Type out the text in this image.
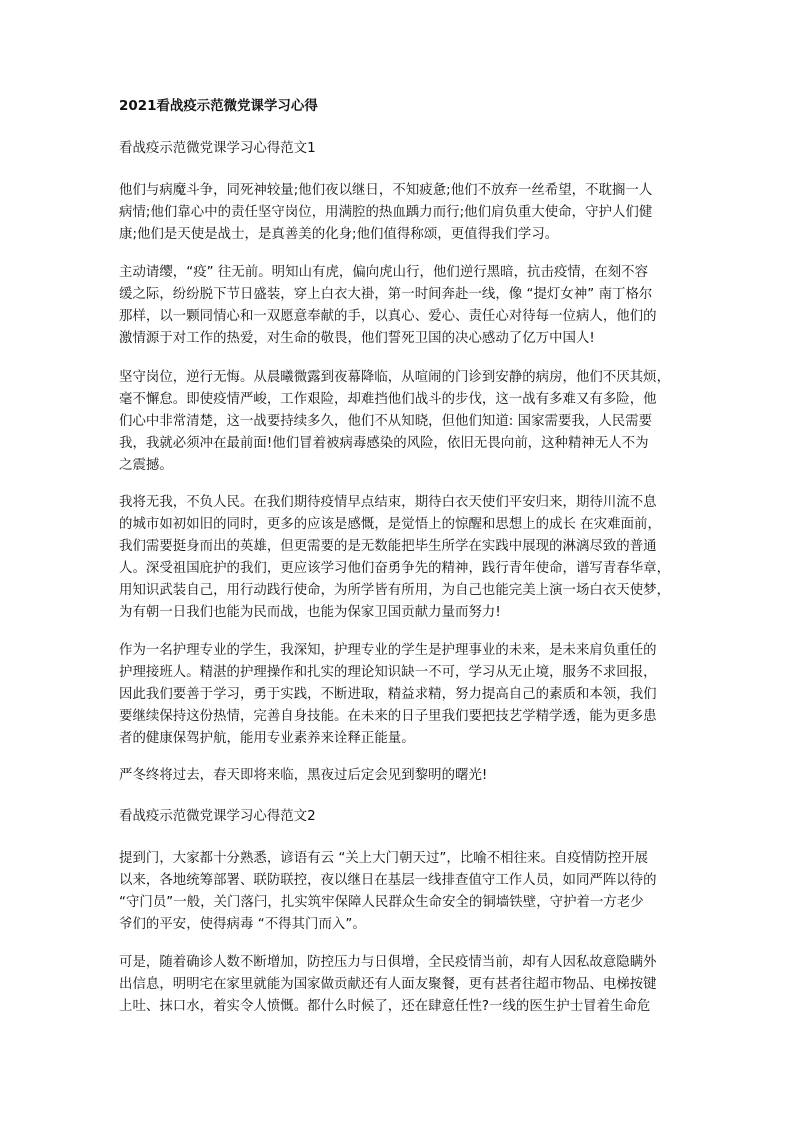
2021看战疫示范微党课学习心得
看战疫示范微党课学习心得范文1
他们与病魔斗争，同死神较量;他们夜以继日，不知疲惫;他们不放弃一丝希望，不耽搁一人
病情;他们靠心中的责任坚守岗位，用满腔的热血踽力而行;他们肩负重大使命，守护人们健
康;他们是天使是战士，是真善美的化身;他们值得称颂，更值得我们学习。
主动请缨，“疫” 往无前。明知山有虎，偏向虎山行，他们逆行黑暗，抗击疫情，在刻不容
缓之际，纷纷脱下节日盛装，穿上白衣大褂，第一时间奔赴一线，像 “提灯女神” 南丁格尔
那样，以一颗同情心和一双愿意奉献的手，以真心、爱心、责任心对待每一位病人，他们的
激情源于对工作的热爱，对生命的敬畏，他们誓死卫国的决心感动了亿万中国人!
坚守岗位，逆行无悔。从晨曦微露到夜幕降临，从喧闹的门诊到安静的病房，他们不厌其烦，
毫不懈怠。即使疫情严峻，工作艰险，却难挡他们战斗的步伐，这一战有多难又有多险，他
们心中非常清楚，这一战要持续多久，他们不从知晓，但他们知道: 国家需要我，人民需要
我，我就必须冲在最前面!他们冒着被病毒感染的风险，依旧无畏向前，这种精神无人不为
之震撼。
我将无我，不负人民。在我们期待疫情早点结束，期待白衣天使们平安归来，期待川流不息
的城市如初如旧的同时，更多的应该是感慨，是觉悟上的惊醒和思想上的成长 在灾难面前，
我们需要挺身而出的英雄，但更需要的是无数能把毕生所学在实践中展现的淋漓尽致的普通
人。深受祖国庇护的我们，更应该学习他们奋勇争先的精神，践行青年使命，谱写青春华章，
用知识武装自己，用行动践行使命，为所学皆有所用，为自己也能完美上演一场白衣天使梦，
为有朝一日我们也能为民而战，也能为保家卫国贡献力量而努力!
作为一名护理专业的学生，我深知，护理专业的学生是护理事业的未来，是未来肩负重任的
护理接班人。精湛的护理操作和扎实的理论知识缺一不可，学习从无止境，服务不求回报，
因此我们要善于学习，勇于实践，不断进取，精益求精，努力提高自己的素质和本领，我们
要继续保持这份热情，完善自身技能。在未来的日子里我们要把技艺学精学透，能为更多患
者的健康保驾护航，能用专业素养来诠释正能量。
严冬终将过去，春天即将来临，黑夜过后定会见到黎明的曙光!
看战疫示范微党课学习心得范文2
提到门，大家都十分熟悉，谚语有云 “关上大门朝天过”，比喻不相往来。自疫情防控开展
以来，各地统筹部署、联防联控，夜以继日在基层一线排查值守工作人员，如同严阵以待的
“守门员”一般，关门落闩，扎实筑牢保障人民群众生命安全的铜墙铁壁，守护着一方老少
爷们的平安，使得病毒 “不得其门而入”。
可是，随着确诊人数不断增加，防控压力与日俱增，全民疫情当前，却有人因私故意隐瞒外
出信息，明明宅在家里就能为国家做贡献还有人面友聚餐，更有甚者往超市物品、电梯按键
上吐、抹口水，着实令人愤慨。都什么时候了，还在肆意任性?一线的医生护士冒着生命危
